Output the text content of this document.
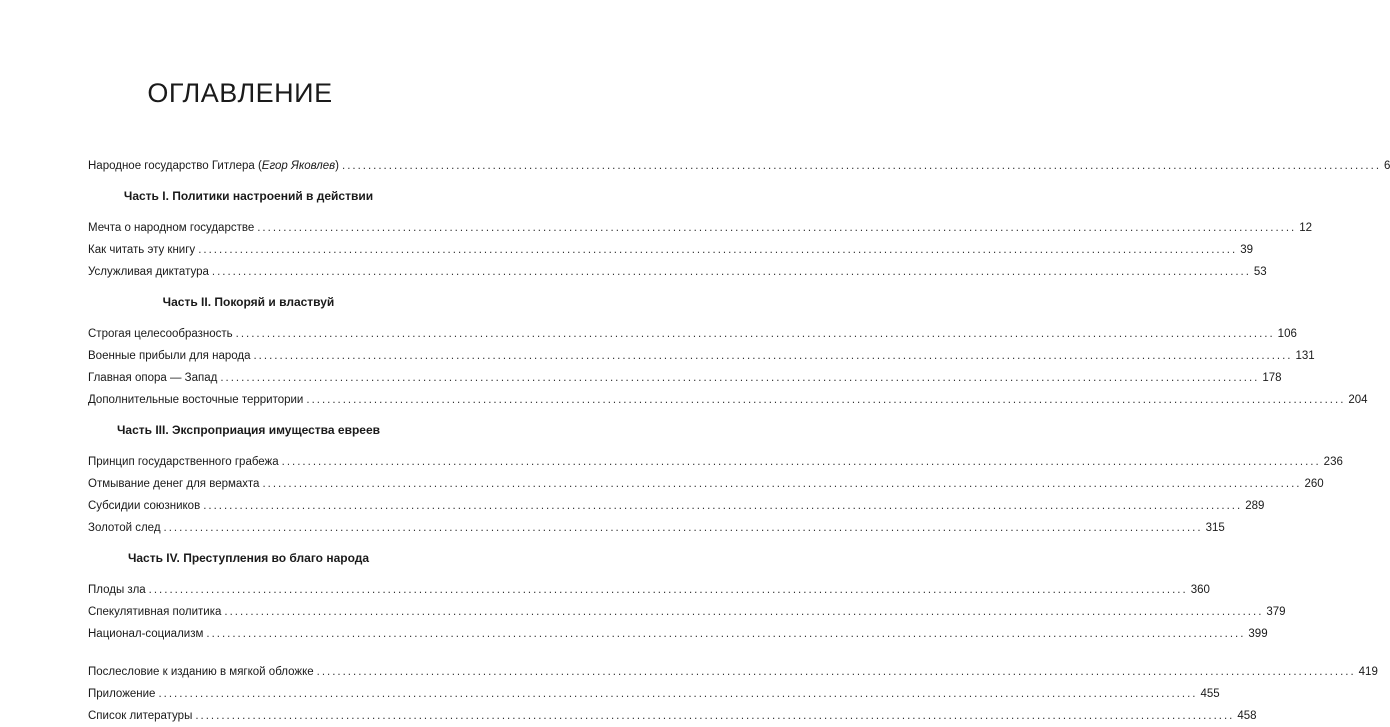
ОГЛАВЛЕНИЕ
Народное государство Гитлера (Егор Яковлев) ........................................................................................................................................................................................................ 6
Часть I. Политики настроений в действии
Мечта о народном государстве ........................................................................................................................................................................................................ 12
Как читать эту книгу ........................................................................................................................................................................................................ 39
Услужливая диктатура ........................................................................................................................................................................................................ 53
Часть II. Покоряй и властвуй
Строгая целесообразность ........................................................................................................................................................................................................ 106
Военные прибыли для народа ........................................................................................................................................................................................................ 131
Главная опора — Запад ........................................................................................................................................................................................................ 178
Дополнительные восточные территории ........................................................................................................................................................................................................ 204
Часть III. Экспроприация имущества евреев
Принцип государственного грабежа ........................................................................................................................................................................................................ 236
Отмывание денег для вермахта ........................................................................................................................................................................................................ 260
Субсидии союзников ........................................................................................................................................................................................................ 289
Золотой след ........................................................................................................................................................................................................ 315
Часть IV. Преступления во благо народа
Плоды зла ........................................................................................................................................................................................................ 360
Спекулятивная политика ........................................................................................................................................................................................................ 379
Национал-социализм ........................................................................................................................................................................................................ 399
Послесловие к изданию в мягкой обложке ........................................................................................................................................................................................................ 419
Приложение ........................................................................................................................................................................................................ 455
Список литературы ........................................................................................................................................................................................................ 458
